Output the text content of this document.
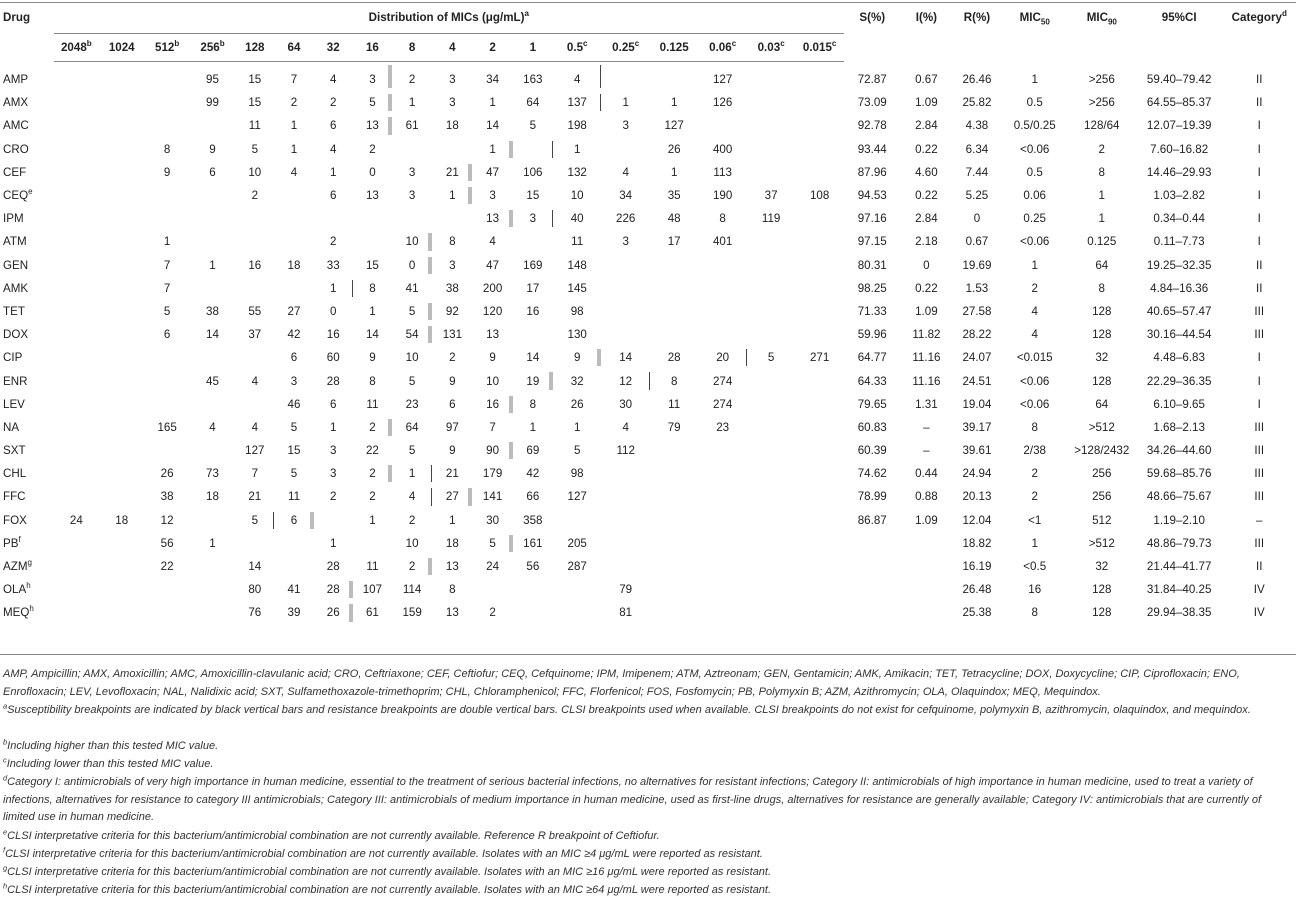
Drug	Distribution of MICs $(\mu g/mL)^a$																		S(%)	I(%)	R(%)	$MIC_{50}$	$MIC_{90}$	95%CI	Category$^d$
	2048$^b$	1024	512$^b$	256$^b$	128	64	32	16	8	4	2	1	0.5$^c$	0.25$^c$	0.125	0.06$^c$	0.03$^c$	0.015$^c$
AMP				95	15	7	4	3	2	3	34	163	4			127			72.87	0.67	26.46	1	>256	59.40–79.42	II
AMX				99	15	2	2	5	1	3	1	64	137	1	1	126			73.09	1.09	25.82	0.5	>256	64.55–85.37	II
AMC					11	1	6	13	61	18	14	5	198	3	127				92.78	2.84	4.38	0.5/0.25	128/64	12.07–19.39	I
CRO			8	9	5	1	4	2			1		1		26	400			93.44	0.22	6.34	<0.06	2	7.60–16.82	I
CEF			9	6	10	4	1	0	3	21	47	106	132	4	1	113			87.96	4.60	7.44	0.5	8	14.46–29.93	I
CEQ$^e$					2		6	13	3	1	3	15	10	34	35	190	37	108	94.53	0.22	5.25	0.06	1	1.03–2.82	I
IPM											13	3	40	226	48	8	119		97.16	2.84	0	0.25	1	0.34–0.44	I
ATM			1				2		10	8	4		11	3	17	401			97.15	2.18	0.67	<0.06	0.125	0.11–7.73	I
GEN			7	1	16	18	33	15	0	3	47	169	148						80.31	0	19.69	1	64	19.25–32.35	II
AMK			7				1	8	41	38	200	17	145						98.25	0.22	1.53	2	8	4.84–16.36	II
TET			5	38	55	27	0	1	5	92	120	16	98						71.33	1.09	27.58	4	128	40.65–57.47	III
DOX			6	14	37	42	16	14	54	131	13		130						59.96	11.82	28.22	4	128	30.16–44.54	III
CIP						6	60	9	10	2	9	14	9	14	28	20	5	271	64.77	11.16	24.07	<0.015	32	4.48–6.83	I
ENR				45	4	3	28	8	5	9	10	19	32	12	8	274			64.33	11.16	24.51	<0.06	128	22.29–36.35	I
LEV						46	6	11	23	6	16	8	26	30	11	274			79.65	1.31	19.04	<0.06	64	6.10–9.65	I
NA			165	4	4	5	1	2	64	97	7	1	1	4	79	23			60.83	–	39.17	8	>512	1.68–2.13	III
SXT					127	15	3	22	5	9	90	69	5	112					60.39	–	39.61	2/38	>128/2432	34.26–44.60	III
CHL			26	73	7	5	3	2	1	21	179	42	98						74.62	0.44	24.94	2	256	59.68–85.76	III
FFC			38	18	21	11	2	2	4	27	141	66	127						78.99	0.88	20.13	2	256	48.66–75.67	III
FOX	24	18	12		5	6		1	2	1	30	358							86.87	1.09	12.04	<1	512	1.19–2.10	–
$PB^f$			56	1			1		10	18	5	161	205								18.82	1	>512	48.86–79.73	III
AZM$^g$			22		14		28	11	2	13	24	56	287								16.19	<0.5	32	21.44–41.77	II
OLA$^h$					80	41	28	107	114	8				79							26.48	16	128	31.84–40.25	IV
MEQ$^h$					76	39	26	61	159	13	2			81							25.38	8	128	29.94–38.35	IV

AMP, Ampicillin; AMX, Amoxicillin; AMC, Amoxicillin-clavulanic acid; CRO, Ceftriaxone; CEF, Ceftiofur; CEQ, Cefquinome; IPM, Imipenem; ATM, Aztreonam; GEN, Gentamicin; AMK, Amikacin; TET, Tetracycline; DOX, Doxycycline; CIP, Ciprofloxacin; ENO, Enrofloxacin; LEV, Levofloxacin; NAL, Nalidixic acid; SXT, Sulfamethoxazole-trimethoprim; CHL, Chloramphenicol; FFC, Florfenicol; FOS, Fosfomycin; PB, Polymyxin B; AZM, Azithromycin; OLA, Olaquindox; MEQ, Mequindox.

$^a$Susceptibility breakpoints are indicated by black vertical bars and resistance breakpoints are double vertical bars. CLSI breakpoints used when available. CLSI breakpoints do not exist for cefquinome, polymyxin B, azithromycin, olaquindox, and mequindox.

$^b$Including higher than this tested MIC value.

$^c$Including lower than this tested MIC value.

$^d$Category I: antimicrobials of very high importance in human medicine, essential to the treatment of serious bacterial infections, no alternatives for resistant infections; Category II: antimicrobials of high importance in human medicine, used to treat a variety of infections, alternatives for resistance to category III antimicrobials; Category III: antimicrobials of medium importance in human medicine, used as first-line drugs, alternatives for resistance are generally available; Category IV: antimicrobials that are currently of limited use in human medicine.

$^e$CLSI interpretative criteria for this bacterium/antimicrobial combination are not currently available. Reference R breakpoint of Ceftiofur.

$^f$CLSI interpretative criteria for this bacterium/antimicrobial combination are not currently available. Isolates with an MIC ≥4 μg/mL were reported as resistant.

$^g$CLSI interpretative criteria for this bacterium/antimicrobial combination are not currently available. Isolates with an MIC ≥16 μg/mL were reported as resistant.

$^h$CLSI interpretative criteria for this bacterium/antimicrobial combination are not currently available. Isolates with an MIC ≥64 μg/mL were reported as resistant.
